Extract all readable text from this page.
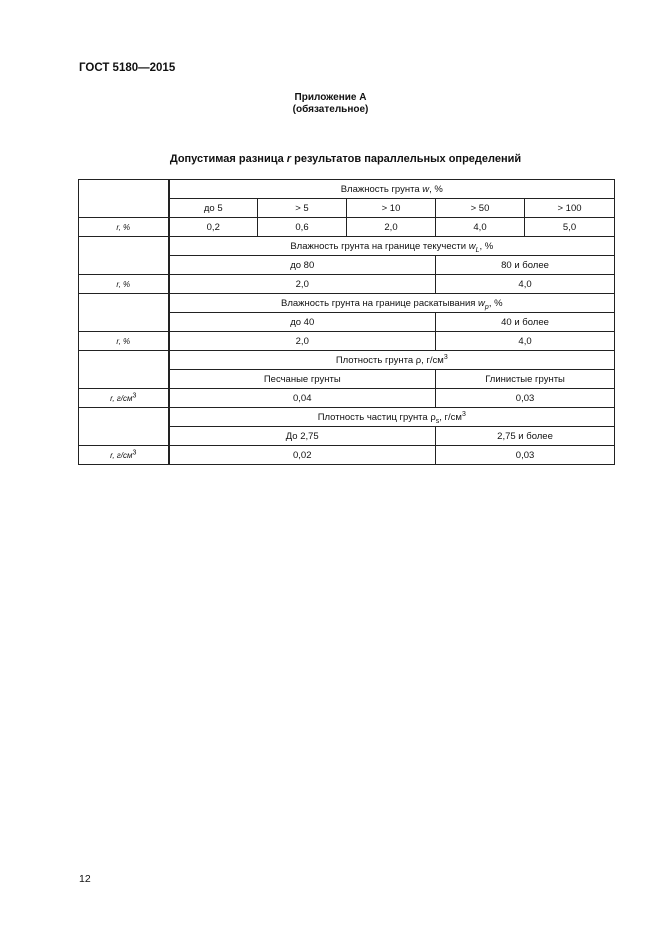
ГОСТ 5180—2015
Приложение А
(обязательное)
Допустимая разница r результатов параллельных определений
	Влажность грунта w, %				
	до 5	> 5	> 10	> 50	> 100
r, %	0,2	0,6	2,0	4,0	5,0
	Влажность грунта на границе текучести $w_L$, %				
	до 80			80 и более	
r, %	2,0			4,0	
	Влажность грунта на границе раскатывания $w_p$, %				
	до 40			40 и более	
r, %	2,0			4,0	
	Плотность грунта ρ, $г/см^3$
	Песчаные грунты			Глинистые грунты	
r, $г/см^3$	0,04			0,03	
	Плотность частиц грунта $\rho_s$, $г/см^3$
	До 2,75			2,75 и более	
r, $г/см^3$	0,02			0,03	
12
